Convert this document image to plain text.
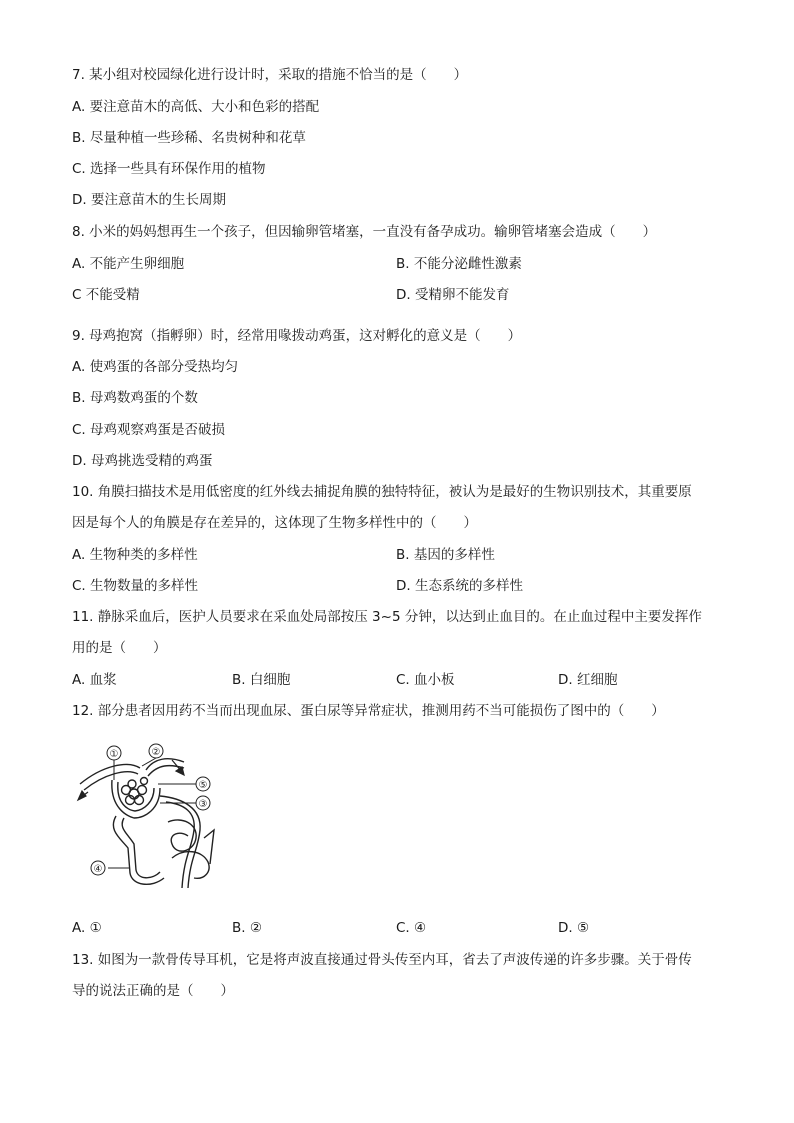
7. 某小组对校园绿化进行设计时，采取的措施不恰当的是（　　）
A. 要注意苗木的高低、大小和色彩的搭配
B. 尽量种植一些珍稀、名贵树种和花草
C. 选择一些具有环保作用的植物
D. 要注意苗木的生长周期
8. 小米的妈妈想再生一个孩子，但因输卵管堵塞，一直没有备孕成功。输卵管堵塞会造成（　　）
A. 不能产生卵细胞	B. 不能分泌雌性激素
C 不能受精	D. 受精卵不能发育
9. 母鸡抱窝（指孵卵）时，经常用喙拨动鸡蛋，这对孵化的意义是（　　）
A. 使鸡蛋的各部分受热均匀
B. 母鸡数鸡蛋的个数
C. 母鸡观察鸡蛋是否破损
D. 母鸡挑选受精的鸡蛋
10. 角膜扫描技术是用低密度的红外线去捕捉角膜的独特特征，被认为是最好的生物识别技术，其重要原
因是每个人的角膜是存在差异的，这体现了生物多样性中的（　　）
A. 生物种类的多样性	B. 基因的多样性
C. 生物数量的多样性	D. 生态系统的多样性
11. 静脉采血后，医护人员要求在采血处局部按压 3~5 分钟，以达到止血目的。在止血过程中主要发挥作
用的是（　　）
A. 血浆	B. 白细胞	C. 血小板	D. 红细胞
12. 部分患者因用药不当而出现血尿、蛋白尿等异常症状，推测用药不当可能损伤了图中的（　　）
①	②
⑤
③
④
A. ①	B. ②	C. ④	D. ⑤
13. 如图为一款骨传导耳机，它是将声波直接通过骨头传至内耳，省去了声波传递的许多步骤。关于骨传
导的说法正确的是（　　）
